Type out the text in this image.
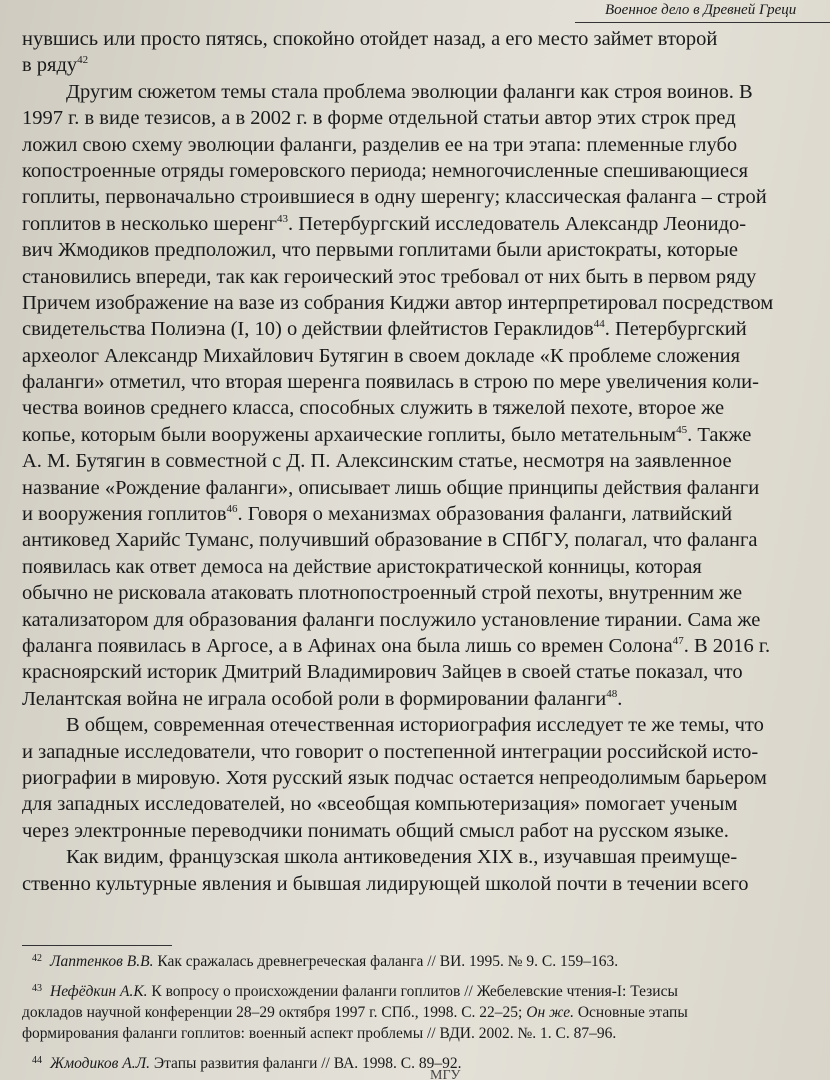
Военное дело в Древней Греци
нувшись или просто пятясь, спокойно отойдет назад, а его место займет второй
в ряду$^{42}$
Другим сюжетом темы стала проблема эволюции фаланги как строя воинов. В
1997 г. в виде тезисов, а в 2002 г. в форме отдельной статьи автор этих строк пред
ложил свою схему эволюции фаланги, разделив ее на три этапа: племенные глубо
копостроенные отряды гомеровского периода; немногочисленные спешивающиеся
гоплиты, первоначально строившиеся в одну шеренгу; классическая фаланга – строй
гоплитов в несколько шеренг$^{43}$. Петербургский исследователь Александр Леонидо-
вич Жмодиков предположил, что первыми гоплитами были аристократы, которые
становились впереди, так как героический этос требовал от них быть в первом ряду
Причем изображение на вазе из собрания Киджи автор интерпретировал посредством
свидетельства Полиэна (I, 10) о действии флейтистов Гераклидов$^{44}$. Петербургский
археолог Александр Михайлович Бутягин в своем докладе «К проблеме сложения
фаланги» отметил, что вторая шеренга появилась в строю по мере увеличения коли-
чества воинов среднего класса, способных служить в тяжелой пехоте, второе же
копье, которым были вооружены архаические гоплиты, было метательным$^{45}$. Также
А. М. Бутягин в совместной с Д. П. Алексинским статье, несмотря на заявленное
название «Рождение фаланги», описывает лишь общие принципы действия фаланги
и вооружения гоплитов$^{46}$. Говоря о механизмах образования фаланги, латвийский
антиковед Харийс Туманс, получивший образование в СПбГУ, полагал, что фаланга
появилась как ответ демоса на действие аристократической конницы, которая
обычно не рисковала атаковать плотнопостроенный строй пехоты, внутренним же
катализатором для образования фаланги послужило установление тирании. Сама же
фаланга появилась в Аргосе, а в Афинах она была лишь со времен Солона$^{47}$. В 2016 г.
красноярский историк Дмитрий Владимирович Зайцев в своей статье показал, что
Лелантская война не играла особой роли в формировании фаланги$^{48}$.
В общем, современная отечественная историография исследует те же темы, что
и западные исследователи, что говорит о постепенной интеграции российской исто-
риографии в мировую. Хотя русский язык подчас остается непреодолимым барьером
для западных исследователей, но «всеобщая компьютеризация» помогает ученым
через электронные переводчики понимать общий смысл работ на русском языке.
Как видим, французская школа антиковедения XIX в., изучавшая преимуще-
ственно культурные явления и бывшая лидирующей школой почти в течении всего
$^{42}$ Лаптенков В.В. Как сражалась древнегреческая фаланга // ВИ. 1995. № 9. С. 159–163.
$^{43}$ Нефёдкин А.К. К вопросу о происхождении фаланги гоплитов // Жебелевские чтения-I: Тезисы
докладов научной конференции 28–29 октября 1997 г. СПб., 1998. С. 22–25; Он же. Основные этапы
формирования фаланги гоплитов: военный аспект проблемы // ВДИ. 2002. №. 1. С. 87–96.
$^{44}$ Жмодиков А.Л. Этапы развития фаланги // ВА. 1998. С. 89–92.
МГУ
